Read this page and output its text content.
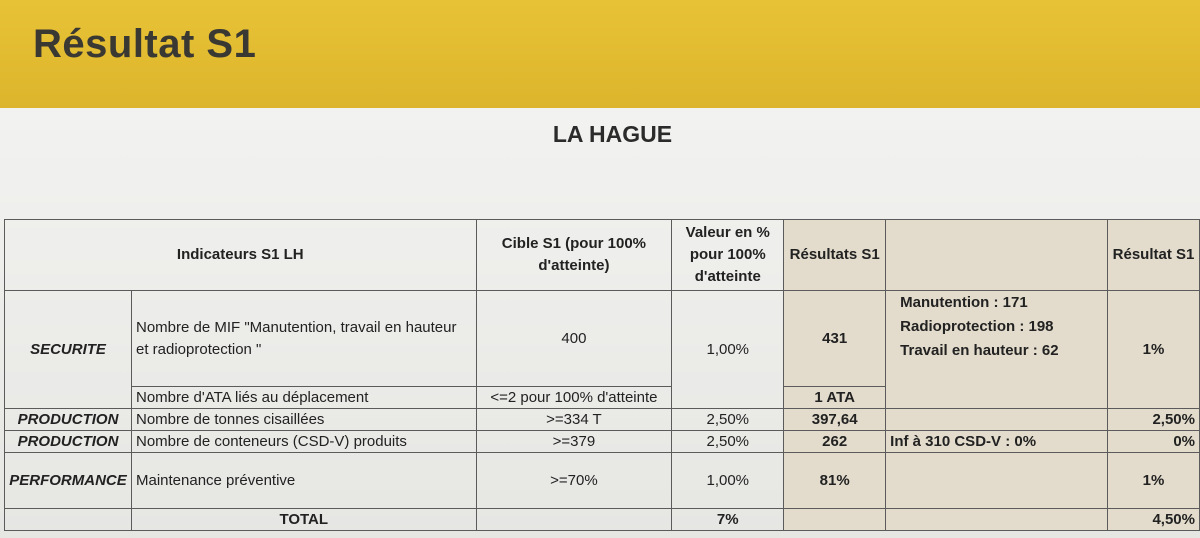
Résultat S1
LA HAGUE
Indicateurs S1 LH		Cible S1 (pour 100% d'atteinte)	Valeur en % pour 100% d'atteinte	Résultats S1		Résultat S1
SECURITE	Nombre de MIF "Manutention, travail en hauteur et radioprotection "	400	1,00%	431	Manutention : 171
Radioprotection : 198
Travail en hauteur : 62	1%
	Nombre d'ATA liés au déplacement	<=2 pour 100% d'atteinte		1 ATA		
PRODUCTION	Nombre de tonnes cisaillées	>=334 T	2,50%	397,64		2,50%
PRODUCTION	Nombre de conteneurs (CSD-V) produits	>=379	2,50%	262	Inf à 310 CSD-V : 0%	0%
PERFORMANCE	Maintenance préventive	>=70%	1,00%	81%		1%
	TOTAL		7%			4,50%
